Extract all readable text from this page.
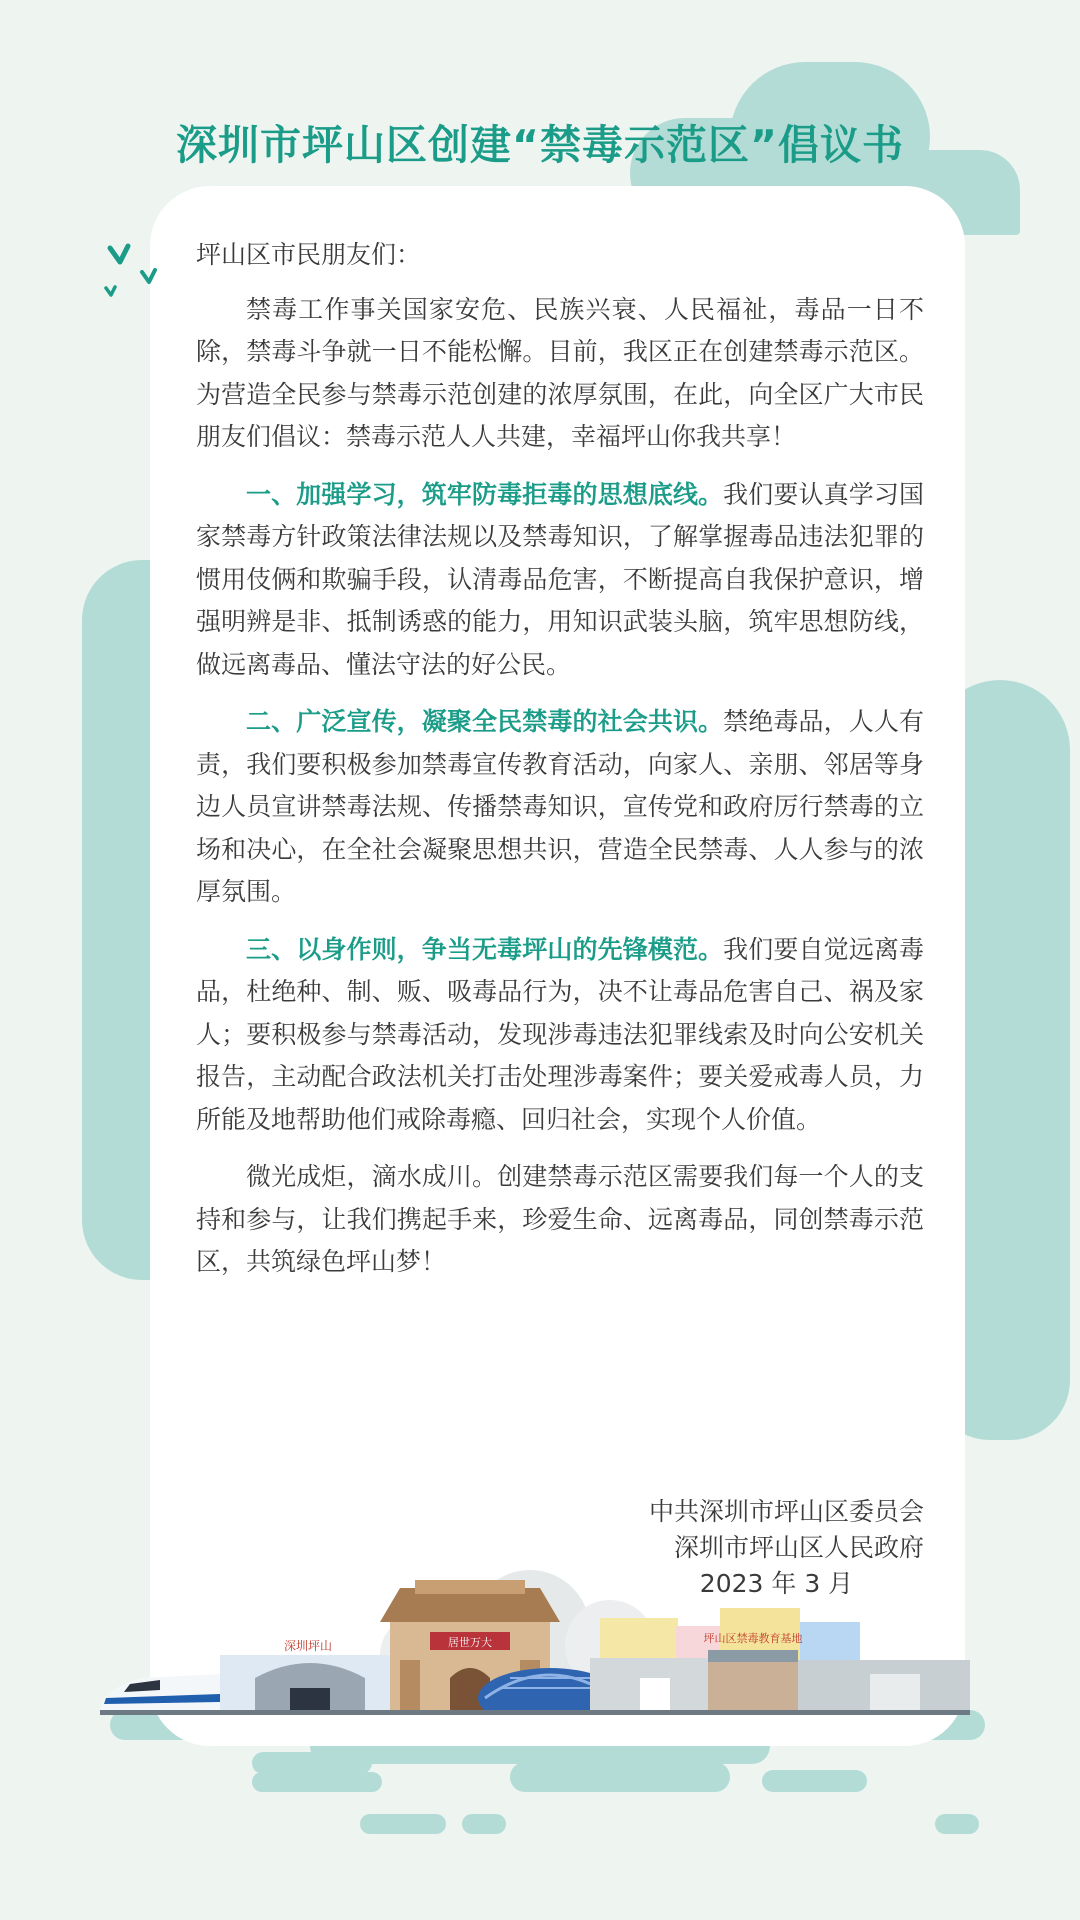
深圳市坪山区创建“禁毒示范区”倡议书

坪山区市民朋友们：

禁毒工作事关国家安危、民族兴衰、人民福祉，毒品一日不除，禁毒斗争就一日不能松懈。目前，我区正在创建禁毒示范区。为营造全民参与禁毒示范创建的浓厚氛围，在此，向全区广大市民朋友们倡议：禁毒示范人人共建，幸福坪山你我共享！

一、加强学习，筑牢防毒拒毒的思想底线。我们要认真学习国家禁毒方针政策法律法规以及禁毒知识，了解掌握毒品违法犯罪的惯用伎俩和欺骗手段，认清毒品危害，不断提高自我保护意识，增强明辨是非、抵制诱惑的能力，用知识武装头脑，筑牢思想防线，做远离毒品、懂法守法的好公民。

二、广泛宣传，凝聚全民禁毒的社会共识。禁绝毒品，人人有责，我们要积极参加禁毒宣传教育活动，向家人、亲朋、邻居等身边人员宣讲禁毒法规、传播禁毒知识，宣传党和政府厉行禁毒的立场和决心，在全社会凝聚思想共识，营造全民禁毒、人人参与的浓厚氛围。

三、以身作则，争当无毒坪山的先锋模范。我们要自觉远离毒品，杜绝种、制、贩、吸毒品行为，决不让毒品危害自己、祸及家人；要积极参与禁毒活动，发现涉毒违法犯罪线索及时向公安机关报告，主动配合政法机关打击处理涉毒案件；要关爱戒毒人员，力所能及地帮助他们戒除毒瘾、回归社会，实现个人价值。

微光成炬，滴水成川。创建禁毒示范区需要我们每一个人的支持和参与，让我们携起手来，珍爱生命、远离毒品，同创禁毒示范区，共筑绿色坪山梦！

中共深圳市坪山区委员会
深圳市坪山区人民政府
2023 年 3 月
深圳坪山	居世万大	坪山区禁毒教育基地
